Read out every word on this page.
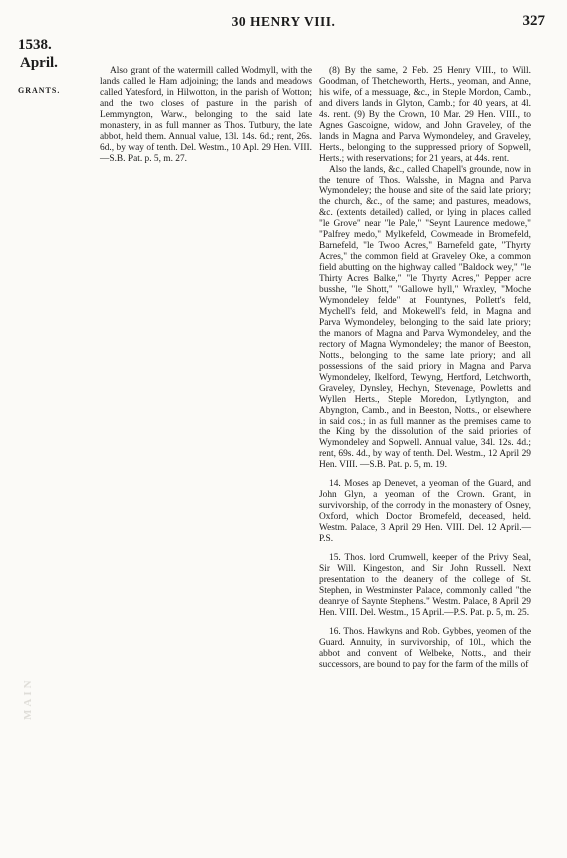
30 HENRY VIII.	327
1538.
April.
GRANTS.
MAIN

Also grant of the watermill called Wodmyll, with the lands called le Ham adjoining; the lands and meadows called Yatesford, in Hilwotton, in the parish of Wotton; and the two closes of pasture in the parish of Lemmyngton, Warw., belonging to the said late monastery, in as full manner as Thos. Tutbury, the late abbot, held them. Annual value, 13l. 14s. 6d.; rent, 26s. 6d., by way of tenth. Del. Westm., 10 Apl. 29 Hen. VIII. —S.B. Pat. p. 5, m. 27.

(8) By the same, 2 Feb. 25 Henry VIII., to Will. Goodman, of Thetcheworth, Herts., yeoman, and Anne, his wife, of a messuage, &c., in Steple Mordon, Camb., and divers lands in Glyton, Camb.; for 40 years, at 4l. 4s. rent. (9) By the Crown, 10 Mar. 29 Hen. VIII., to Agnes Gascoigne, widow, and John Graveley, of the lands in Magna and Parva Wymondeley, and Graveley, Herts., belonging to the suppressed priory of Sopwell, Herts.; with reservations; for 21 years, at 44s. rent.

Also the lands, &c., called Chapell's grounde, now in the tenure of Thos. Walsshe, in Magna and Parva Wymondeley; the house and site of the said late priory; the church, &c., of the same; and pastures, meadows, &c. (extents detailed) called, or lying in places called "le Grove" near "le Pale," "Seynt Laurence medowe," "Palfrey medo," Mylkefeld, Cowmeade in Bromefeld, Barnefeld, "le Twoo Acres," Barnefeld gate, "Thyrty Acres," the common field at Graveley Oke, a common field abutting on the highway called "Baldock wey," "le Thirty Acres Balke," "le Thyrty Acres," Pepper acre busshe, "le Shott," "Gallowe hyll," Wraxley, "Moche Wymondeley felde" at Fountynes, Pollett's feld, Mychell's feld, and Mokewell's feld, in Magna and Parva Wymondeley, belonging to the said late priory; the manors of Magna and Parva Wymondeley, and the rectory of Magna Wymondeley; the manor of Beeston, Notts., belonging to the same late priory; and all possessions of the said priory in Magna and Parva Wymondeley, Ikelford, Tewyng, Hertford, Letchworth, Graveley, Dynsley, Hechyn, Stevenage, Powletts and Wyllen Herts., Steple Moredon, Lytlyngton, and Abyngton, Camb., and in Beeston, Notts., or elsewhere in said cos.; in as full manner as the premises came to the King by the dissolution of the said priories of Wymondeley and Sopwell. Annual value, 34l. 12s. 4d.; rent, 69s. 4d., by way of tenth. Del. Westm., 12 April 29 Hen. VIII. —S.B. Pat. p. 5, m. 19.

14. Moses ap Denevet, a yeoman of the Guard, and John Glyn, a yeoman of the Crown. Grant, in survivorship, of the corrody in the monastery of Osney, Oxford, which Doctor Bromefeld, deceased, held. Westm. Palace, 3 April 29 Hen. VIII. Del. 12 April.—P.S.

15. Thos. lord Crumwell, keeper of the Privy Seal, Sir Will. Kingeston, and Sir John Russell. Next presentation to the deanery of the college of St. Stephen, in Westminster Palace, commonly called "the deanrye of Saynte Stephens." Westm. Palace, 8 April 29 Hen. VIII. Del. Westm., 15 April.—P.S. Pat. p. 5, m. 25.

16. Thos. Hawkyns and Rob. Gybbes, yeomen of the Guard. Annuity, in survivorship, of 10l., which the abbot and convent of Welbeke, Notts., and their successors, are bound to pay for the farm of the mills of
